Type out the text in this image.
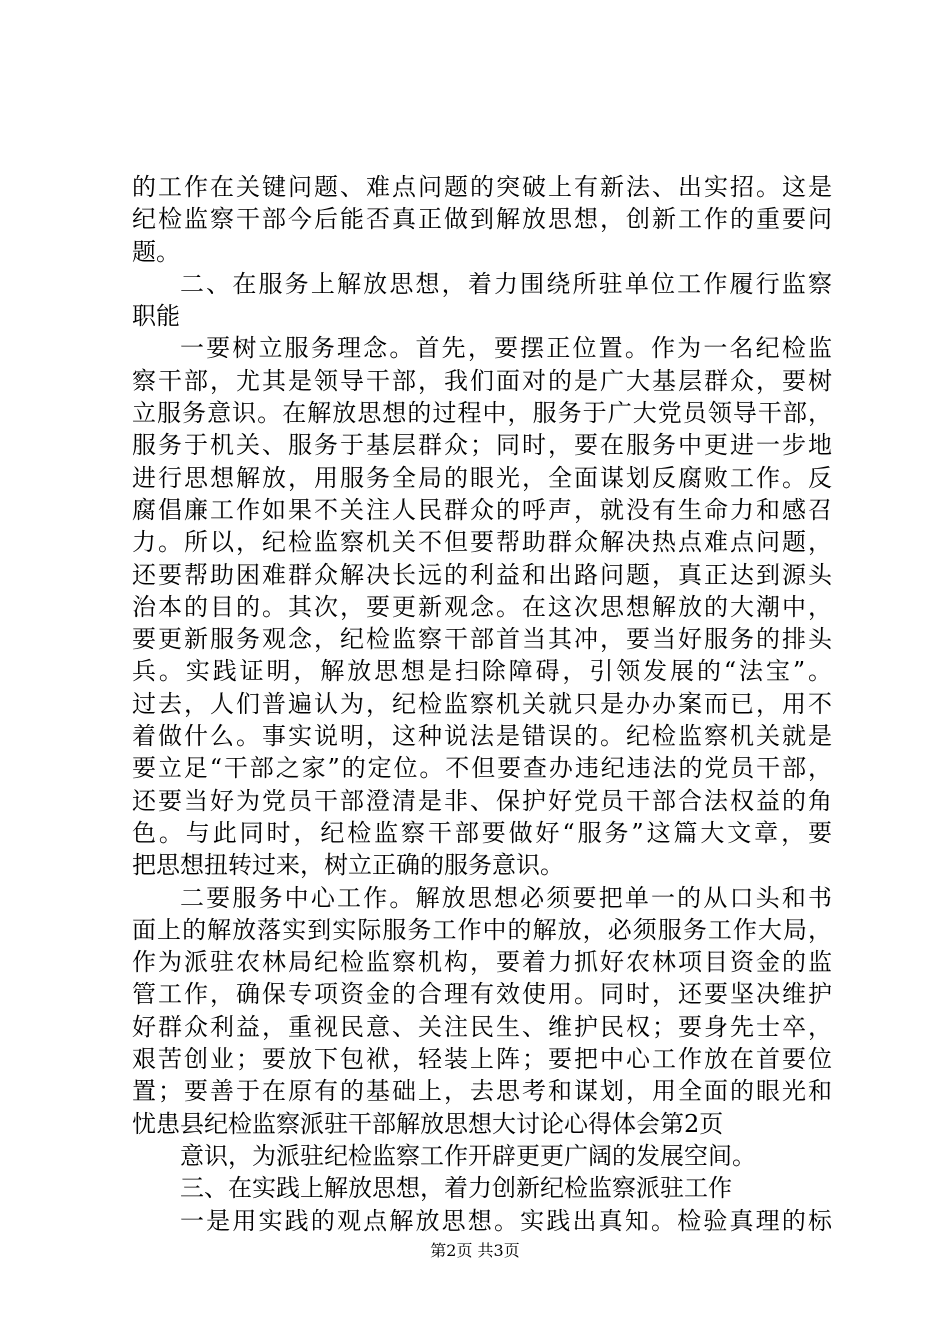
的工作在关键问题、难点问题的突破上有新法、出实招。这是
纪检监察干部今后能否真正做到解放思想，创新工作的重要问
题。
二、在服务上解放思想，着力围绕所驻单位工作履行监察
职能
一要树立服务理念。首先，要摆正位置。作为一名纪检监
察干部，尤其是领导干部，我们面对的是广大基层群众，要树
立服务意识。在解放思想的过程中，服务于广大党员领导干部，
服务于机关、服务于基层群众；同时，要在服务中更进一步地
进行思想解放，用服务全局的眼光，全面谋划反腐败工作。反
腐倡廉工作如果不关注人民群众的呼声，就没有生命力和感召
力。所以，纪检监察机关不但要帮助群众解决热点难点问题，
还要帮助困难群众解决长远的利益和出路问题，真正达到源头
治本的目的。其次，要更新观念。在这次思想解放的大潮中，
要更新服务观念，纪检监察干部首当其冲，要当好服务的排头
兵。实践证明，解放思想是扫除障碍，引领发展的“法宝”。
过去，人们普遍认为，纪检监察机关就只是办办案而已，用不
着做什么。事实说明，这种说法是错误的。纪检监察机关就是
要立足“干部之家”的定位。不但要查办违纪违法的党员干部，
还要当好为党员干部澄清是非、保护好党员干部合法权益的角
色。与此同时，纪检监察干部要做好“服务”这篇大文章，要
把思想扭转过来，树立正确的服务意识。
二要服务中心工作。解放思想必须要把单一的从口头和书
面上的解放落实到实际服务工作中的解放，必须服务工作大局，
作为派驻农林局纪检监察机构，要着力抓好农林项目资金的监
管工作，确保专项资金的合理有效使用。同时，还要坚决维护
好群众利益，重视民意、关注民生、维护民权；要身先士卒，
艰苦创业；要放下包袱，轻装上阵；要把中心工作放在首要位
置；要善于在原有的基础上，去思考和谋划，用全面的眼光和
忧患县纪检监察派驻干部解放思想大讨论心得体会第2页
意识，为派驻纪检监察工作开辟更更广阔的发展空间。
三、在实践上解放思想，着力创新纪检监察派驻工作
一是用实践的观点解放思想。实践出真知。检验真理的标
第2页 共3页
